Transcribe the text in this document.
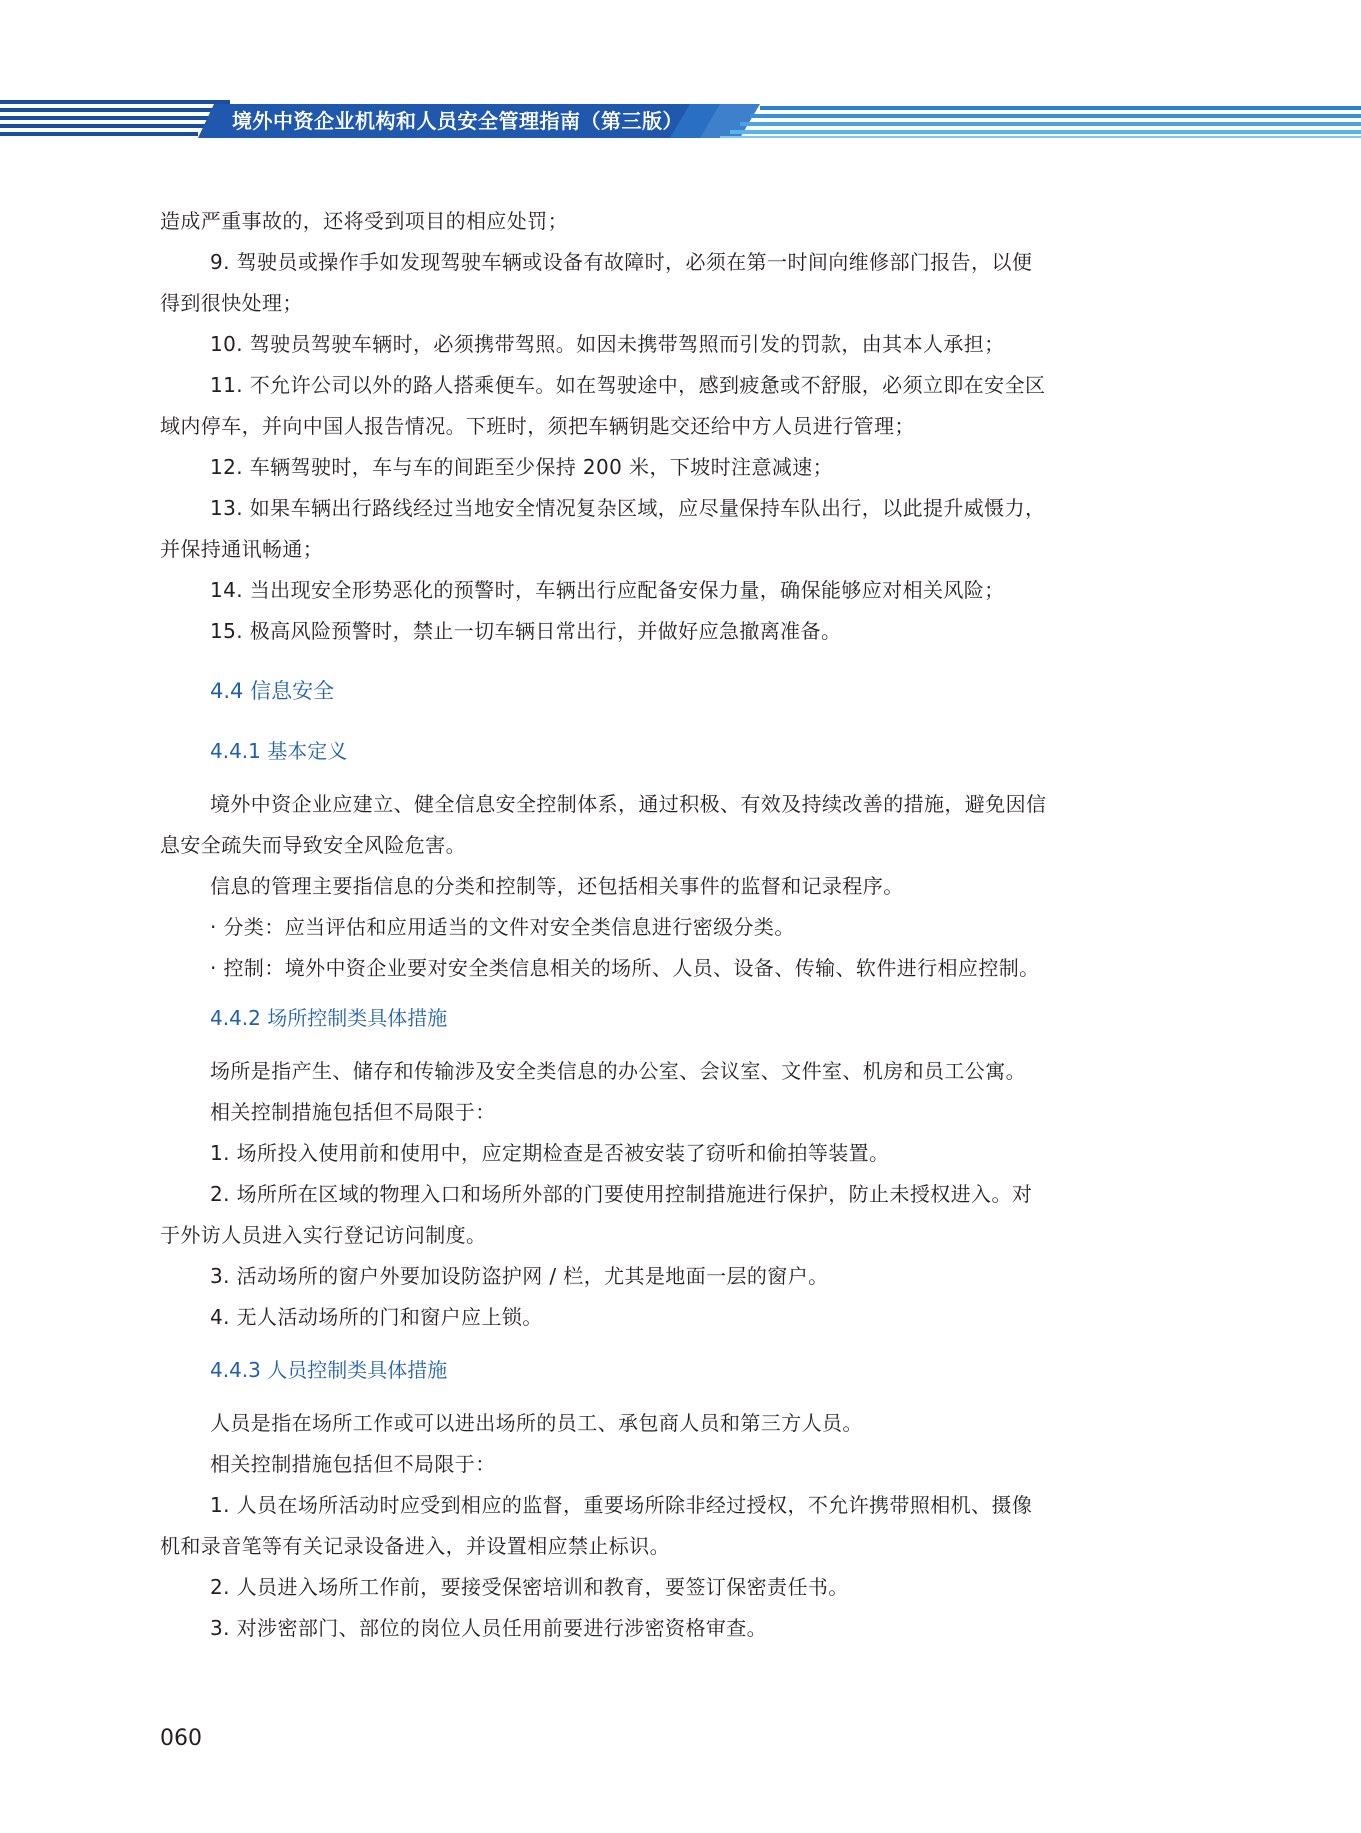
境外中资企业机构和人员安全管理指南（第三版）
造成严重事故的，还将受到项目的相应处罚；
9. 驾驶员或操作手如发现驾驶车辆或设备有故障时，必须在第一时间向维修部门报告，以便
得到很快处理；
10. 驾驶员驾驶车辆时，必须携带驾照。如因未携带驾照而引发的罚款，由其本人承担；
11. 不允许公司以外的路人搭乘便车。如在驾驶途中，感到疲惫或不舒服，必须立即在安全区
域内停车，并向中国人报告情况。下班时，须把车辆钥匙交还给中方人员进行管理；
12. 车辆驾驶时，车与车的间距至少保持 200 米，下坡时注意减速；
13. 如果车辆出行路线经过当地安全情况复杂区域，应尽量保持车队出行，以此提升威慑力，
并保持通讯畅通；
14. 当出现安全形势恶化的预警时，车辆出行应配备安保力量，确保能够应对相关风险；
15. 极高风险预警时，禁止一切车辆日常出行，并做好应急撤离准备。
4.4 信息安全
4.4.1 基本定义
境外中资企业应建立、健全信息安全控制体系，通过积极、有效及持续改善的措施，避免因信
息安全疏失而导致安全风险危害。
信息的管理主要指信息的分类和控制等，还包括相关事件的监督和记录程序。
· 分类：应当评估和应用适当的文件对安全类信息进行密级分类。
· 控制：境外中资企业要对安全类信息相关的场所、人员、设备、传输、软件进行相应控制。
4.4.2 场所控制类具体措施
场所是指产生、储存和传输涉及安全类信息的办公室、会议室、文件室、机房和员工公寓。
相关控制措施包括但不局限于：
1. 场所投入使用前和使用中，应定期检查是否被安装了窃听和偷拍等装置。
2. 场所所在区域的物理入口和场所外部的门要使用控制措施进行保护，防止未授权进入。对
于外访人员进入实行登记访问制度。
3. 活动场所的窗户外要加设防盗护网 / 栏，尤其是地面一层的窗户。
4. 无人活动场所的门和窗户应上锁。
4.4.3 人员控制类具体措施
人员是指在场所工作或可以进出场所的员工、承包商人员和第三方人员。
相关控制措施包括但不局限于：
1. 人员在场所活动时应受到相应的监督，重要场所除非经过授权，不允许携带照相机、摄像
机和录音笔等有关记录设备进入，并设置相应禁止标识。
2. 人员进入场所工作前，要接受保密培训和教育，要签订保密责任书。
3. 对涉密部门、部位的岗位人员任用前要进行涉密资格审查。
060
